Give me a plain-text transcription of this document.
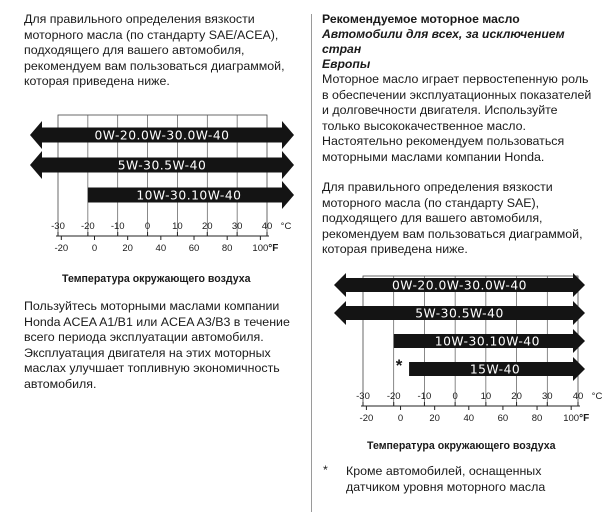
Для правильного определения вязкости
моторного масла (по стандарту SAE/ACEA),
подходящего для вашего автомобиля,
рекомендуем вам пользоваться диаграммой,
которая приведена ниже.

0W-20.0W-30.0W-40
5W-30.5W-40
10W-30.10W-40
-30 -20 -10 0 10 20 30 40 °C
-20 0	20 40 60 80 100 °F
Температура окружающего воздуха

Пользуйтесь моторными маслами компании
Honda ACEA A1/B1 или ACEA A3/B3 в течение
всего периода эксплуатации автомобиля.
Эксплуатация двигателя на этих моторных
маслах улучшает топливную экономичность
автомобиля.

Рекомендуемое моторное масло
Автомобили для всех, за исключением стран
Европы

Моторное масло играет первостепенную роль
в обеспечении эксплуатационных показателей
и долговечности двигателя. Используйте
только высококачественное масло.
Настоятельно рекомендуем пользоваться
моторными маслами компании Honda.

Для правильного определения вязкости
моторного масла (по стандарту SAE),
подходящего для вашего автомобиля,
рекомендуем вам пользоваться диаграммой,
которая приведена ниже.

0W-20.0W-30.0W-40
5W-30.5W-40
10W-30.10W-40
15W-40
*
-30 -20 -10 0 10 20 30 40 °C
-20	0	20 40 60 80 100 °F
Температура окружающего воздуха
* Кроме автомобилей, оснащенных
датчиком уровня моторного масла
